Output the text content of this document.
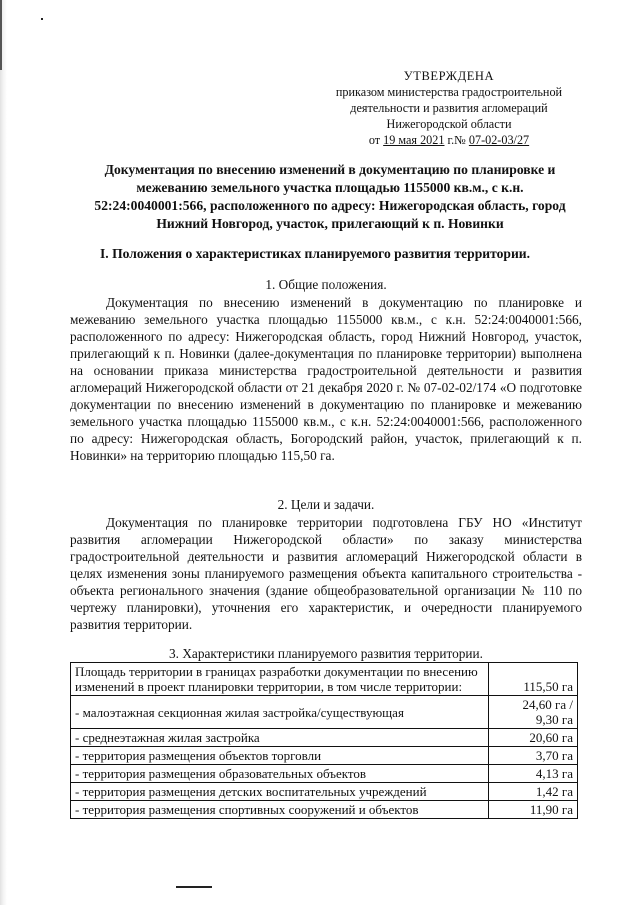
УТВЕРЖДЕНА
приказом министерства градостроительной
деятельности и развития агломераций
Нижегородской области
от 19 мая 2021 г.№ 07-02-03/27
Документация по внесению изменений в документацию по планировке и
межеванию земельного участка площадью 1155000 кв.м., с к.н.
52:24:0040001:566, расположенного по адресу: Нижегородская область, город
Нижний Новгород, участок, прилегающий к п. Новинки
I. Положения о характеристиках планируемого развития территории.
1. Общие положения.

Документация по внесению изменений в документацию по планировке и межеванию земельного участка площадью 1155000 кв.м., с к.н. 52:24:0040001:566, расположенного по адресу: Нижегородская область, город Нижний Новгород, участок, прилегающий к п. Новинки (далее-документация по планировке территории) выполнена на основании приказа министерства градостроительной деятельности и развития агломераций Нижегородской области от 21 декабря 2020 г. № 07-02-02/174 «О подготовке документации по внесению изменений в документацию по планировке и межеванию земельного участка площадью 1155000 кв.м., с к.н. 52:24:0040001:566, расположенного по адресу: Нижегородская область, Богородский район, участок, прилегающий к п. Новинки» на территорию площадью 115,50 га.

2. Цели и задачи.

Документация по планировке территории подготовлена ГБУ НО «Институт развития агломерации Нижегородской области» по заказу министерства градостроительной деятельности и развития агломераций Нижегородской области в целях изменения зоны планируемого размещения объекта капитального строительства - объекта регионального значения (здание общеобразовательной организации № 110 по чертежу планировки), уточнения его характеристик, и очередности планируемого развития территории.

3. Характеристики планируемого развития территории.
Площадь территории в границах разработки документации по внесению изменений в проект планировки территории, в том числе территории:	115,50 га
- малоэтажная секционная жилая застройка/существующая	24,60 га /
9,30 га
- среднеэтажная жилая застройка	20,60 га
- территория размещения объектов торговли	3,70 га
- территория размещения образовательных объектов	4,13 га
- территория размещения детских воспитательных учреждений	1,42 га
- территория размещения спортивных сооружений и объектов	11,90 га
